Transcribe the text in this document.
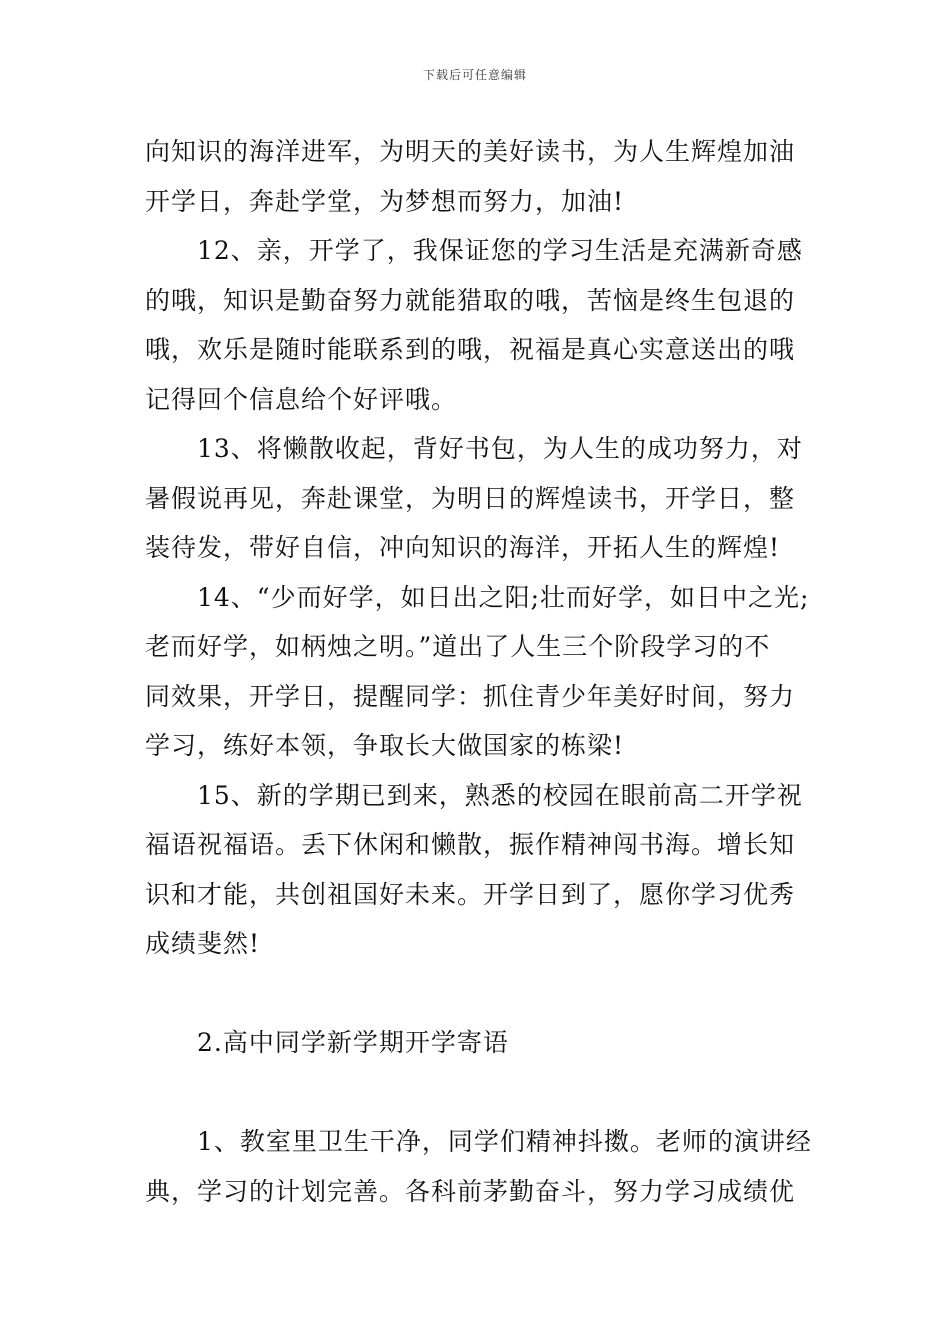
下载后可任意编辑
向知识的海洋进军，为明天的美好读书，为人生辉煌加油
开学日，奔赴学堂，为梦想而努力，加油!
12、亲，开学了，我保证您的学习生活是充满新奇感
的哦，知识是勤奋努力就能猎取的哦，苦恼是终生包退的
哦，欢乐是随时能联系到的哦，祝福是真心实意送出的哦
记得回个信息给个好评哦。
13、将懒散收起，背好书包，为人生的成功努力，对
暑假说再见，奔赴课堂，为明日的辉煌读书，开学日，整
装待发，带好自信，冲向知识的海洋，开拓人生的辉煌!
14、“少而好学，如日出之阳;壮而好学，如日中之光;
老而好学，如柄烛之明。”道出了人生三个阶段学习的不
同效果，开学日，提醒同学：抓住青少年美好时间，努力
学习，练好本领，争取长大做国家的栋梁!
15、新的学期已到来，熟悉的校园在眼前高二开学祝
福语祝福语。丢下休闲和懒散，振作精神闯书海。增长知
识和才能，共创祖国好未来。开学日到了，愿你学习优秀
成绩斐然!
2.高中同学新学期开学寄语
1、教室里卫生干净，同学们精神抖擞。老师的演讲经
典，学习的计划完善。各科前茅勤奋斗，努力学习成绩优
